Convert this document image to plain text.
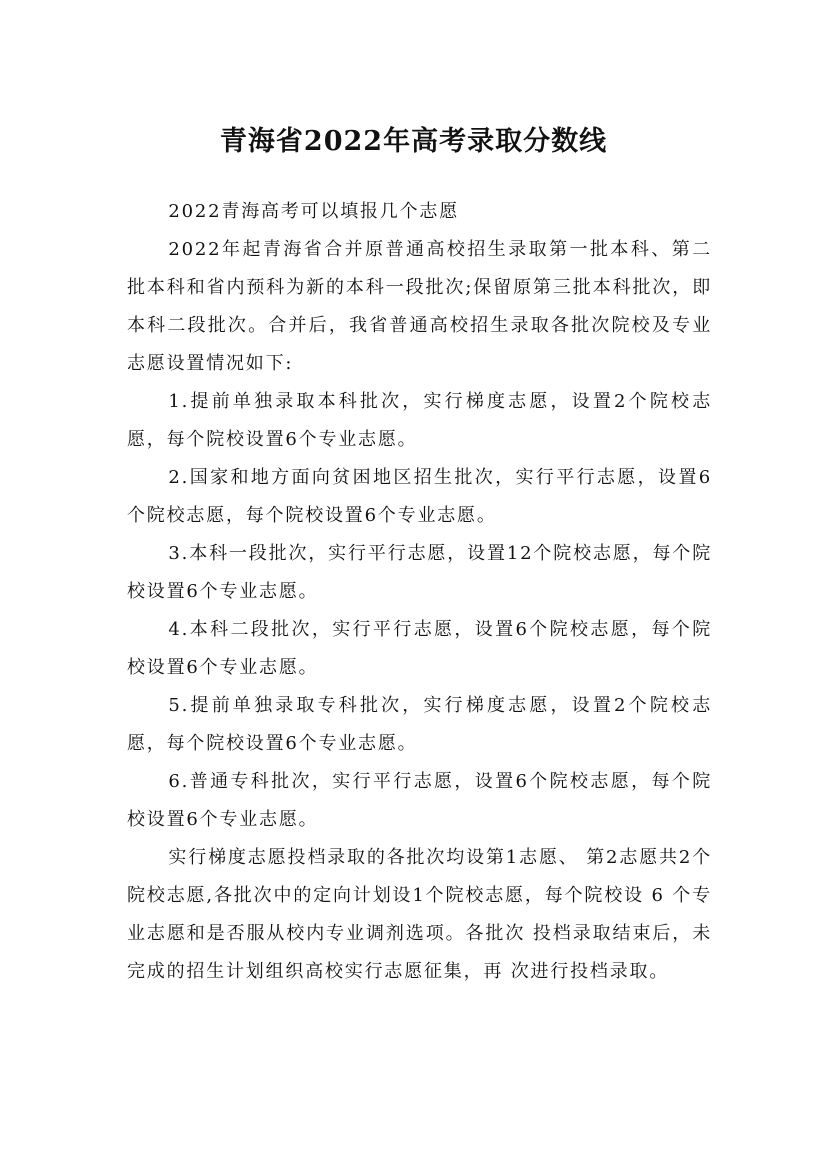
青海省2022年高考录取分数线

2022青海高考可以填报几个志愿

2022年起青海省合并原普通高校招生录取第一批本科、第二批本科和省内预科为新的本科一段批次;保留原第三批本科批次，即本科二段批次。合并后，我省普通高校招生录取各批次院校及专业志愿设置情况如下:

1.提前单独录取本科批次，实行梯度志愿，设置2个院校志愿，每个院校设置6个专业志愿。

2.国家和地方面向贫困地区招生批次，实行平行志愿，设置6个院校志愿，每个院校设置6个专业志愿。

3.本科一段批次，实行平行志愿，设置12个院校志愿，每个院校设置6个专业志愿。

4.本科二段批次，实行平行志愿，设置6个院校志愿，每个院校设置6个专业志愿。

5.提前单独录取专科批次，实行梯度志愿，设置2个院校志愿，每个院校设置6个专业志愿。

6.普通专科批次，实行平行志愿，设置6个院校志愿，每个院校设置6个专业志愿。

实行梯度志愿投档录取的各批次均设第1志愿、 第2志愿共2个院校志愿,各批次中的定向计划设1个院校志愿，每个院校设 6 个专业志愿和是否服从校内专业调剂选项。各批次 投档录取结束后，未完成的招生计划组织高校实行志愿征集，再 次进行投档录取。
